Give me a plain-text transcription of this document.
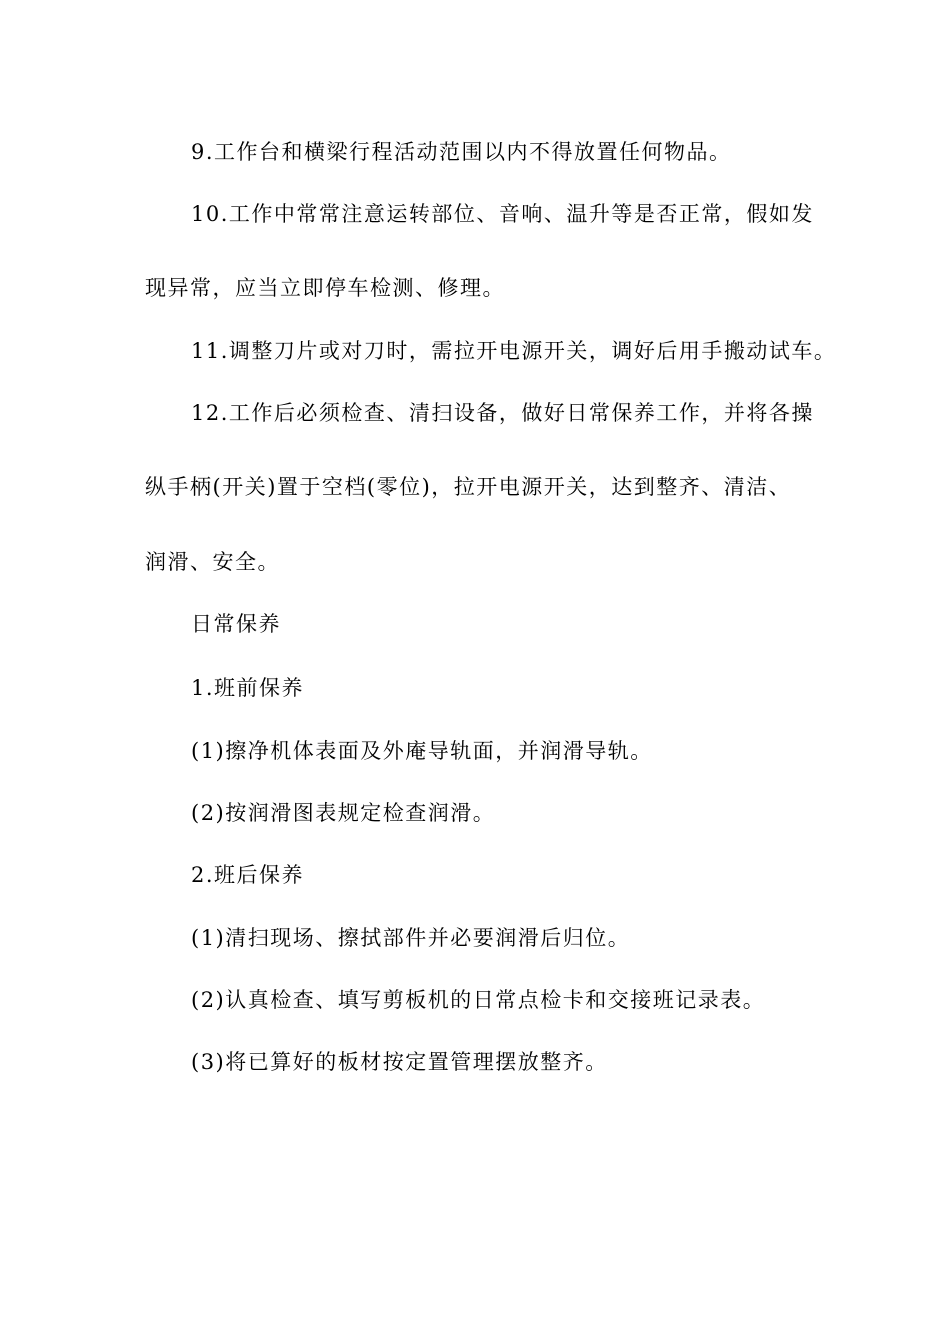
9.工作台和横梁行程活动范围以内不得放置任何物品。
10.工作中常常注意运转部位、音响、温升等是否正常，假如发
现异常，应当立即停车检测、修理。
11.调整刀片或对刀时，需拉开电源开关，调好后用手搬动试车。
12.工作后必须检查、清扫设备，做好日常保养工作，并将各操
纵手柄(开关)置于空档(零位)，拉开电源开关，达到整齐、清洁、
润滑、安全。
日常保养
1.班前保养
(1)擦净机体表面及外庵导轨面，并润滑导轨。
(2)按润滑图表规定检查润滑。
2.班后保养
(1)清扫现场、擦拭部件并必要润滑后归位。
(2)认真检查、填写剪板机的日常点检卡和交接班记录表。
(3)将已算好的板材按定置管理摆放整齐。
